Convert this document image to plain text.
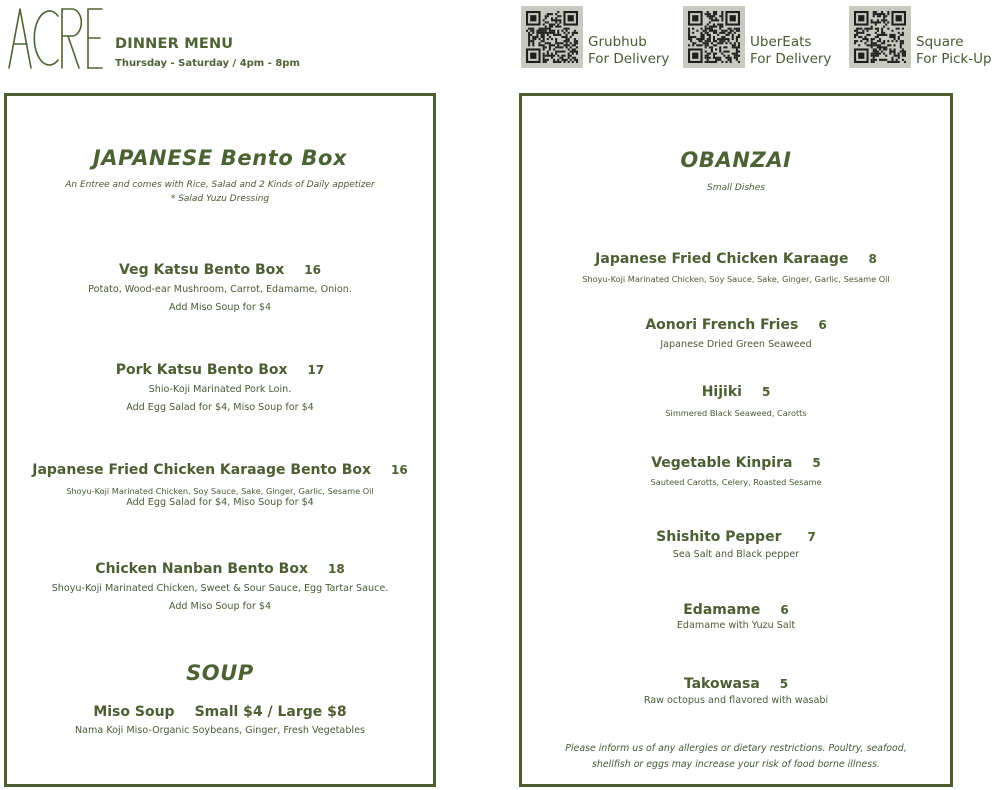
DINNER MENU
Thursday - Saturday / 4pm - 8pm
Grubhub
For Delivery
UberEats
For Delivery
Square
For Pick-Up
JAPANESE Bento Box
An Entree and comes with Rice, Salad and 2 Kinds of Daily appetizer
* Salad Yuzu Dressing
Veg Katsu Bento Box 16
Potato, Wood-ear Mushroom, Carrot, Edamame, Onion.
Add Miso Soup for $4
Pork Katsu Bento Box 17
Shio-Koji Marinated Pork Loin.
Add Egg Salad for $4, Miso Soup for $4
Japanese Fried Chicken Karaage Bento Box 16
Shoyu-Koji Marinated Chicken, Soy Sauce, Sake, Ginger, Garlic, Sesame Oil
Add Egg Salad for $4, Miso Soup for $4
Chicken Nanban Bento Box 18
Shoyu-Koji Marinated Chicken, Sweet & Sour Sauce, Egg Tartar Sauce.
Add Miso Soup for $4
SOUP
Miso Soup Small $4 / Large $8
Nama Koji Miso-Organic Soybeans, Ginger, Fresh Vegetables
OBANZAI
Small Dishes
Japanese Fried Chicken Karaage 8
Shoyu-Koji Marinated Chicken, Soy Sauce, Sake, Ginger, Garlic, Sesame Oil
Aonori French Fries 6
Japanese Dried Green Seaweed
Hijiki 5
Simmered Black Seaweed, Carotts
Vegetable Kinpira 5
Sauteed Carotts, Celery, Roasted Sesame
Shishito Pepper 7
Sea Salt and Black pepper
Edamame 6
Edamame with Yuzu Salt
Takowasa 5
Raw octopus and flavored with wasabi
Please inform us of any allergies or dietary restrictions. Poultry, seafood, shellfish or eggs may increase your risk of food borne illness.
